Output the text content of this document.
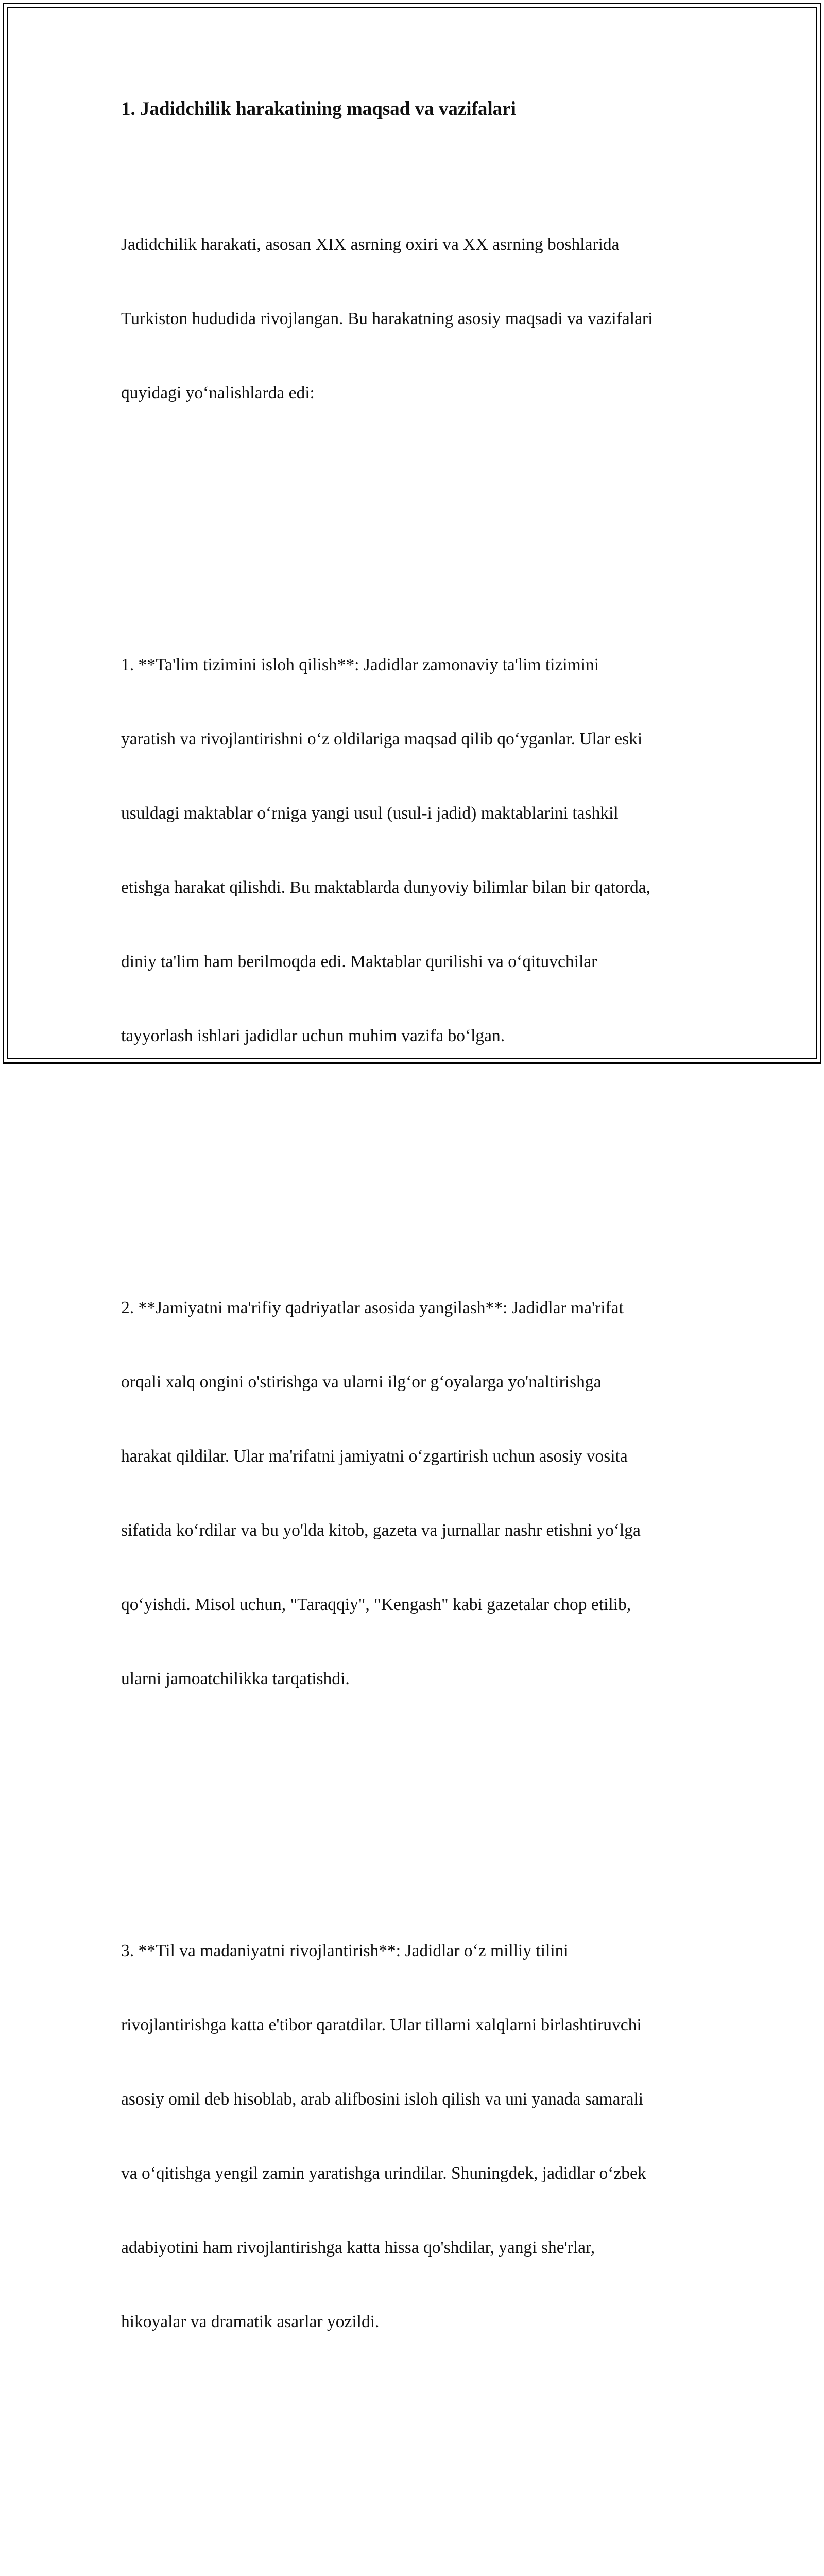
1. Jadidchilik harakatining maqsad va vazifalari

Jadidchilik harakati, asosan XIX asrning oxiri va XX asrning boshlarida

Turkiston hududida rivojlangan. Bu harakatning asosiy maqsadi va vazifalari

quyidagi yo‘nalishlarda edi:

1. **Ta'lim tizimini isloh qilish**: Jadidlar zamonaviy ta'lim tizimini

yaratish va rivojlantirishni o‘z oldilariga maqsad qilib qo‘yganlar. Ular eski

usuldagi maktablar o‘rniga yangi usul (usul-i jadid) maktablarini tashkil

etishga harakat qilishdi. Bu maktablarda dunyoviy bilimlar bilan bir qatorda,

diniy ta'lim ham berilmoqda edi. Maktablar qurilishi va o‘qituvchilar

tayyorlash ishlari jadidlar uchun muhim vazifa bo‘lgan.

2. **Jamiyatni ma'rifiy qadriyatlar asosida yangilash**: Jadidlar ma'rifat

orqali xalq ongini o'stirishga va ularni ilg‘or g‘oyalarga yo'naltirishga

harakat qildilar. Ular ma'rifatni jamiyatni o‘zgartirish uchun asosiy vosita

sifatida ko‘rdilar va bu yo'lda kitob, gazeta va jurnallar nashr etishni yo‘lga

qo‘yishdi. Misol uchun, "Taraqqiy", "Kengash" kabi gazetalar chop etilib,

ularni jamoatchilikka tarqatishdi.

3. **Til va madaniyatni rivojlantirish**: Jadidlar o‘z milliy tilini

rivojlantirishga katta e'tibor qaratdilar. Ular tillarni xalqlarni birlashtiruvchi

asosiy omil deb hisoblab, arab alifbosini isloh qilish va uni yanada samarali

va o‘qitishga yengil zamin yaratishga urindilar. Shuningdek, jadidlar o‘zbek

adabiyotini ham rivojlantirishga katta hissa qo'shdilar, yangi she'rlar,

hikoyalar va dramatik asarlar yozildi.
